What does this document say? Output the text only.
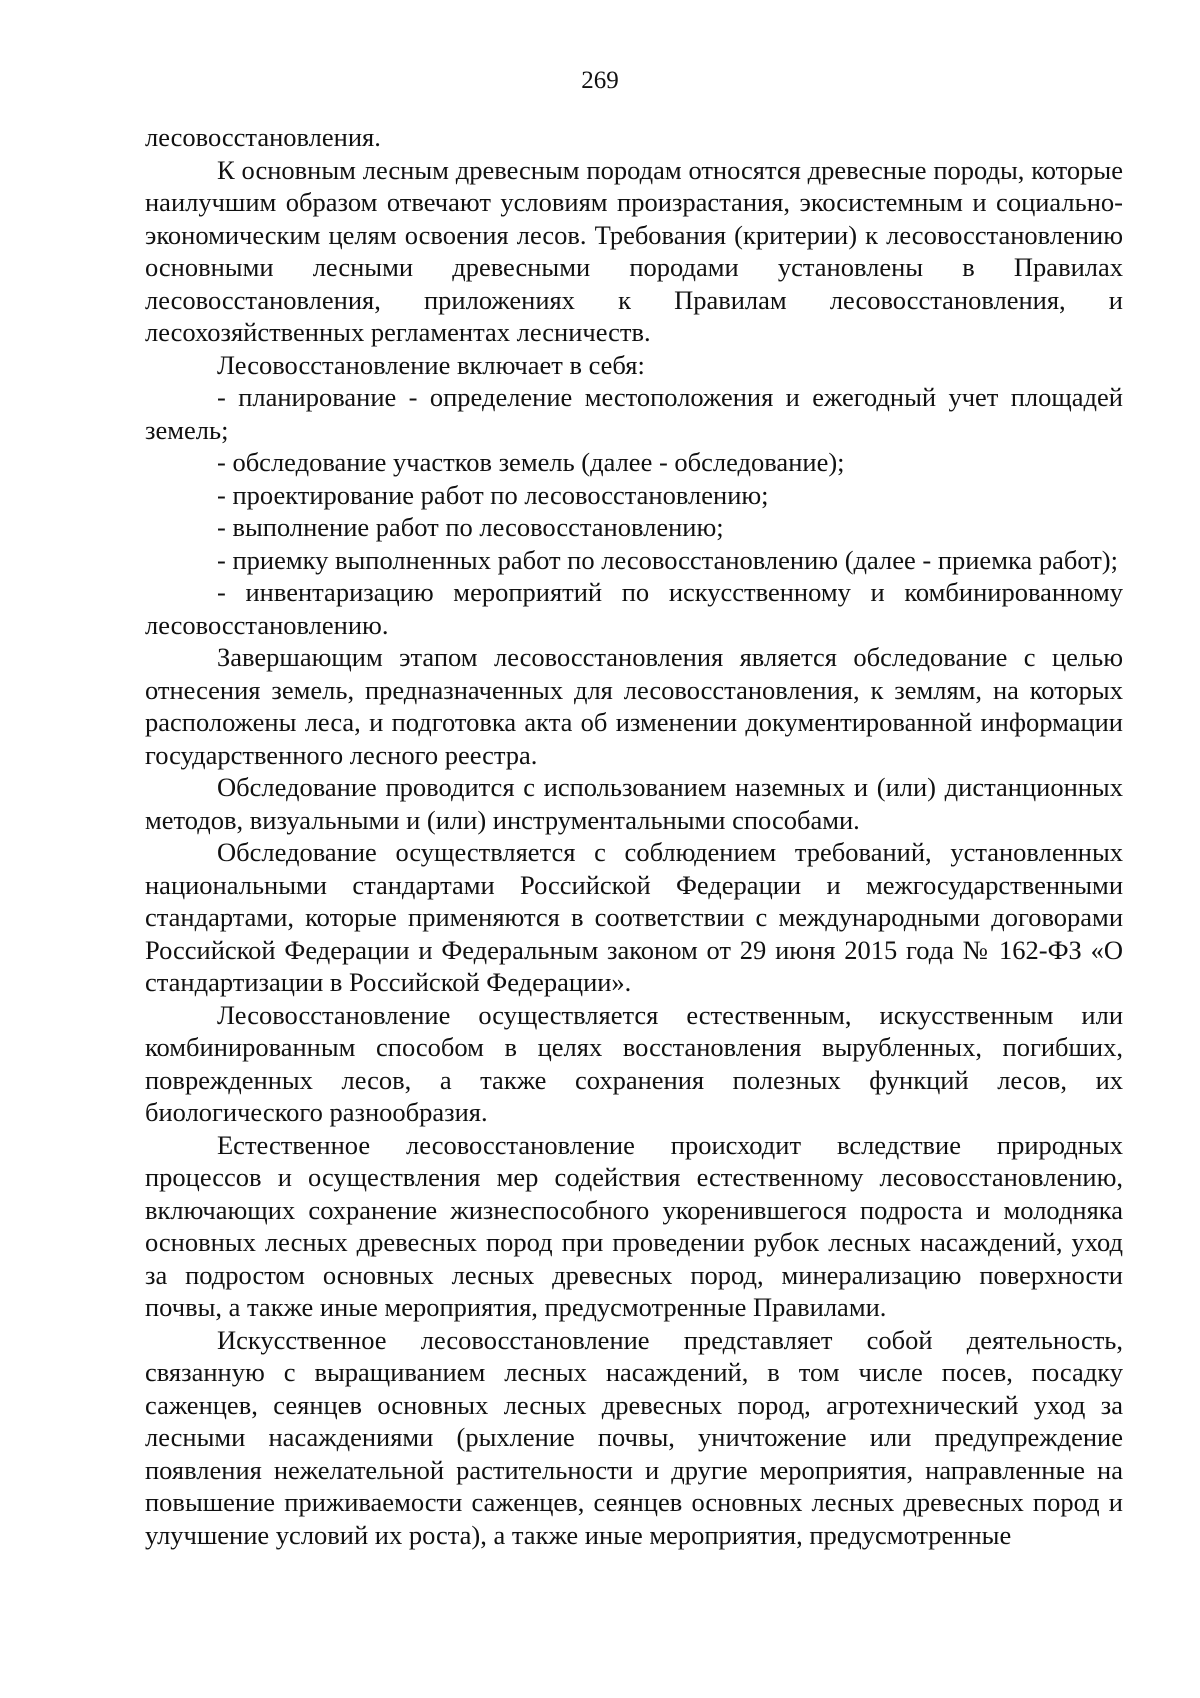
269

лесовосстановления.

К основным лесным древесным породам относятся древесные породы, которые наилучшим образом отвечают условиям произрастания, экосистемным и социально-экономическим целям освоения лесов. Требования (критерии) к лесовосстановлению основными лесными древесными породами установлены в Правилах лесовосстановления, приложениях к Правилам лесовосстановления, и лесохозяйственных регламентах лесничеств.

Лесовосстановление включает в себя:

- планирование - определение местоположения и ежегодный учет площадей земель;

- обследование участков земель (далее - обследование);

- проектирование работ по лесовосстановлению;

- выполнение работ по лесовосстановлению;

- приемку выполненных работ по лесовосстановлению (далее - приемка работ);

- инвентаризацию мероприятий по искусственному и комбинированному лесовосстановлению.

Завершающим этапом лесовосстановления является обследование с целью отнесения земель, предназначенных для лесовосстановления, к землям, на которых расположены леса, и подготовка акта об изменении документированной информации государственного лесного реестра.

Обследование проводится с использованием наземных и (или) дистанционных методов, визуальными и (или) инструментальными способами.

Обследование осуществляется с соблюдением требований, установленных национальными стандартами Российской Федерации и межгосударственными стандартами, которые применяются в соответствии с международными договорами Российской Федерации и Федеральным законом от 29 июня 2015 года № 162-ФЗ «О стандартизации в Российской Федерации».

Лесовосстановление осуществляется естественным, искусственным или комбинированным способом в целях восстановления вырубленных, погибших, поврежденных лесов, а также сохранения полезных функций лесов, их биологического разнообразия.

Естественное лесовосстановление происходит вследствие природных процессов и осуществления мер содействия естественному лесовосстановлению, включающих сохранение жизнеспособного укоренившегося подроста и молодняка основных лесных древесных пород при проведении рубок лесных насаждений, уход за подростом основных лесных древесных пород, минерализацию поверхности почвы, а также иные мероприятия, предусмотренные Правилами.

Искусственное лесовосстановление представляет собой деятельность, связанную с выращиванием лесных насаждений, в том числе посев, посадку саженцев, сеянцев основных лесных древесных пород, агротехнический уход за лесными насаждениями (рыхление почвы, уничтожение или предупреждение появления нежелательной растительности и другие мероприятия, направленные на повышение приживаемости саженцев, сеянцев основных лесных древесных пород и улучшение условий их роста), а также иные мероприятия, предусмотренные
